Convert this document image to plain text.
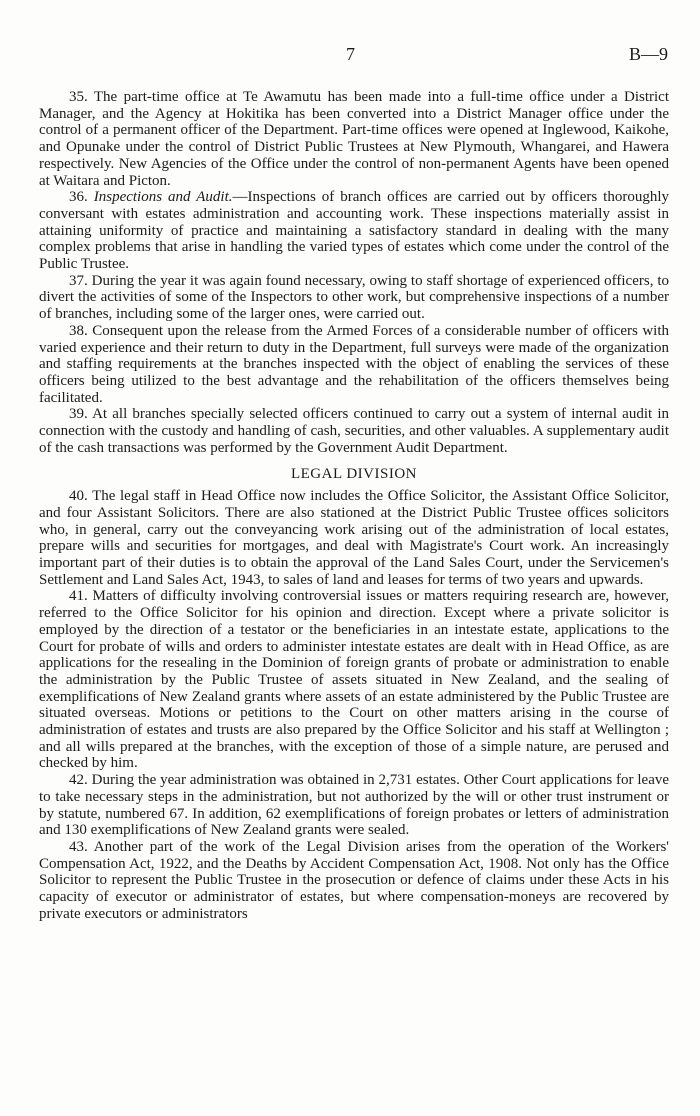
7	B—9

35. The part-time office at Te Awamutu has been made into a full-time office under a District Manager, and the Agency at Hokitika has been converted into a District Manager office under the control of a permanent officer of the Department. Part-time offices were opened at Inglewood, Kaikohe, and Opunake under the control of District Public Trustees at New Plymouth, Whangarei, and Hawera respectively. New Agencies of the Office under the control of non-permanent Agents have been opened at Waitara and Picton.

36. Inspections and Audit.—Inspections of branch offices are carried out by officers thoroughly conversant with estates administration and accounting work. These inspections materially assist in attaining uniformity of practice and maintaining a satisfactory standard in dealing with the many complex problems that arise in handling the varied types of estates which come under the control of the Public Trustee.

37. During the year it was again found necessary, owing to staff shortage of experienced officers, to divert the activities of some of the Inspectors to other work, but comprehensive inspections of a number of branches, including some of the larger ones, were carried out.

38. Consequent upon the release from the Armed Forces of a considerable number of officers with varied experience and their return to duty in the Department, full surveys were made of the organization and staffing requirements at the branches inspected with the object of enabling the services of these officers being utilized to the best advantage and the rehabilitation of the officers themselves being facilitated.

39. At all branches specially selected officers continued to carry out a system of internal audit in connection with the custody and handling of cash, securities, and other valuables. A supplementary audit of the cash transactions was performed by the Government Audit Department.

LEGAL DIVISION

40. The legal staff in Head Office now includes the Office Solicitor, the Assistant Office Solicitor, and four Assistant Solicitors. There are also stationed at the District Public Trustee offices solicitors who, in general, carry out the conveyancing work arising out of the administration of local estates, prepare wills and securities for mortgages, and deal with Magistrate's Court work. An increasingly important part of their duties is to obtain the approval of the Land Sales Court, under the Servicemen's Settlement and Land Sales Act, 1943, to sales of land and leases for terms of two years and upwards.

41. Matters of difficulty involving controversial issues or matters requiring research are, however, referred to the Office Solicitor for his opinion and direction. Except where a private solicitor is employed by the direction of a testator or the beneficiaries in an intestate estate, applications to the Court for probate of wills and orders to administer intestate estates are dealt with in Head Office, as are applications for the resealing in the Dominion of foreign grants of probate or administration to enable the administration by the Public Trustee of assets situated in New Zealand, and the sealing of exemplifications of New Zealand grants where assets of an estate administered by the Public Trustee are situated overseas. Motions or petitions to the Court on other matters arising in the course of administration of estates and trusts are also prepared by the Office Solicitor and his staff at Wellington ; and all wills prepared at the branches, with the exception of those of a simple nature, are perused and checked by him.

42. During the year administration was obtained in 2,731 estates. Other Court applications for leave to take necessary steps in the administration, but not authorized by the will or other trust instrument or by statute, numbered 67. In addition, 62 exemplifications of foreign probates or letters of administration and 130 exemplifications of New Zealand grants were sealed.

43. Another part of the work of the Legal Division arises from the operation of the Workers' Compensation Act, 1922, and the Deaths by Accident Compensation Act, 1908. Not only has the Office Solicitor to represent the Public Trustee in the prosecution or defence of claims under these Acts in his capacity of executor or administrator of estates, but where compensation-moneys are recovered by private executors or administrators
